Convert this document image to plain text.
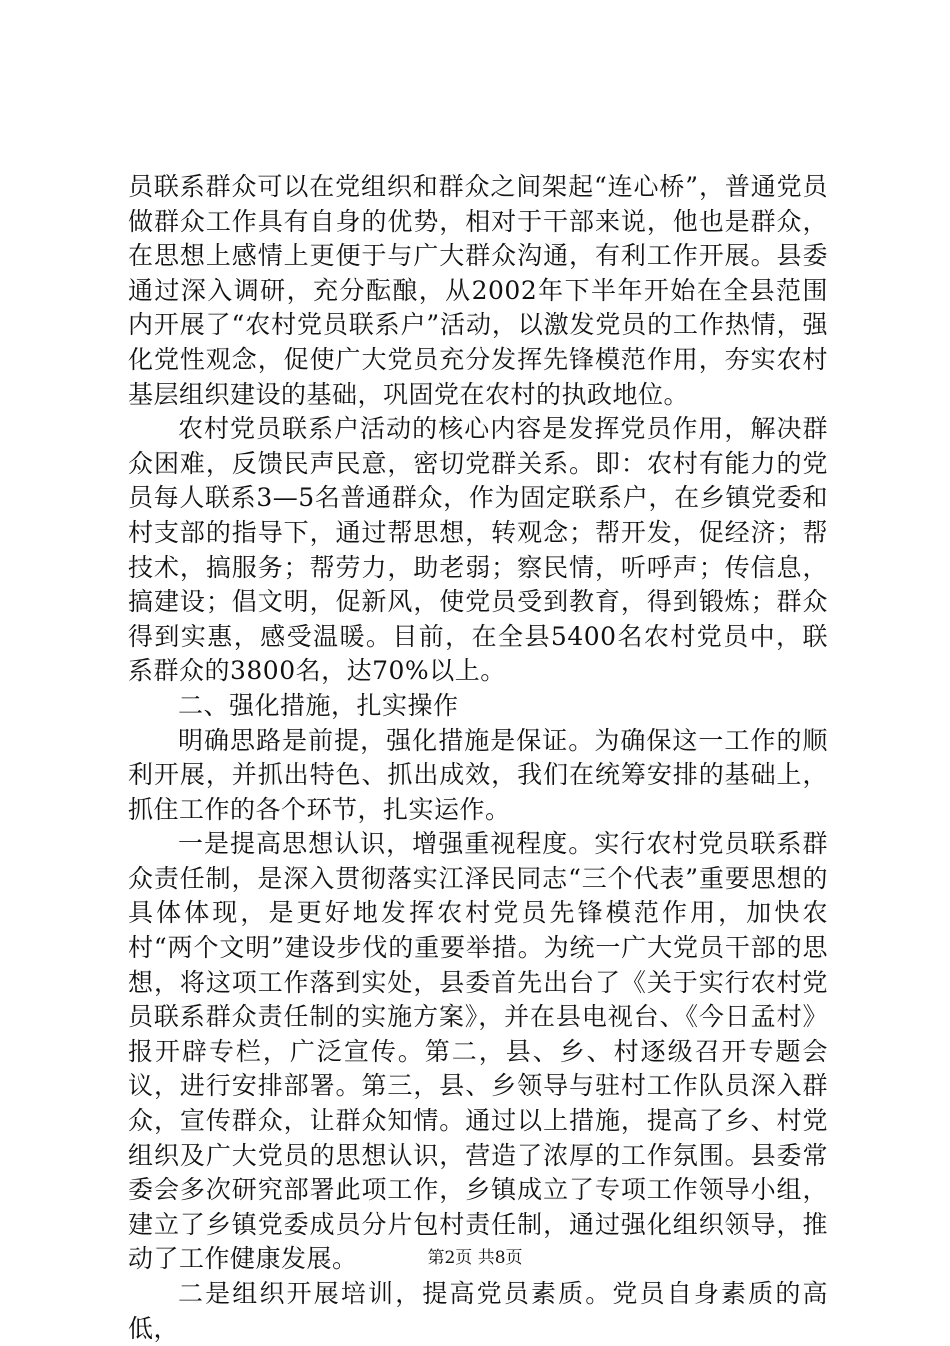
员联系群众可以在党组织和群众之间架起“连心桥”，普通党员做群众工作具有自身的优势，相对于干部来说，他也是群众，在思想上感情上更便于与广大群众沟通，有利工作开展。县委通过深入调研，充分酝酿，从2002年下半年开始在全县范围内开展了“农村党员联系户”活动，以激发党员的工作热情，强化党性观念，促使广大党员充分发挥先锋模范作用，夯实农村基层组织建设的基础，巩固党在农村的执政地位。

农村党员联系户活动的核心内容是发挥党员作用，解决群众困难，反馈民声民意，密切党群关系。即：农村有能力的党员每人联系3—5名普通群众，作为固定联系户，在乡镇党委和村支部的指导下，通过帮思想，转观念；帮开发，促经济；帮技术，搞服务；帮劳力，助老弱；察民情，听呼声；传信息，搞建设；倡文明，促新风，使党员受到教育，得到锻炼；群众得到实惠，感受温暖。目前，在全县5400名农村党员中，联系群众的3800名，达70%以上。

二、强化措施，扎实操作

明确思路是前提，强化措施是保证。为确保这一工作的顺利开展，并抓出特色、抓出成效，我们在统筹安排的基础上，抓住工作的各个环节，扎实运作。

一是提高思想认识，增强重视程度。实行农村党员联系群众责任制，是深入贯彻落实江泽民同志“三个代表”重要思想的具体体现，是更好地发挥农村党员先锋模范作用，加快农村“两个文明”建设步伐的重要举措。为统一广大党员干部的思想，将这项工作落到实处，县委首先出台了《关于实行农村党员联系群众责任制的实施方案》，并在县电视台、《今日孟村》报开辟专栏，广泛宣传。第二，县、乡、村逐级召开专题会议，进行安排部署。第三，县、乡领导与驻村工作队员深入群众，宣传群众，让群众知情。通过以上措施，提高了乡、村党组织及广大党员的思想认识，营造了浓厚的工作氛围。县委常委会多次研究部署此项工作，乡镇成立了专项工作领导小组，建立了乡镇党委成员分片包村责任制，通过强化组织领导，推动了工作健康发展。

二是组织开展培训，提高党员素质。党员自身素质的高低，

第2页 共8页
